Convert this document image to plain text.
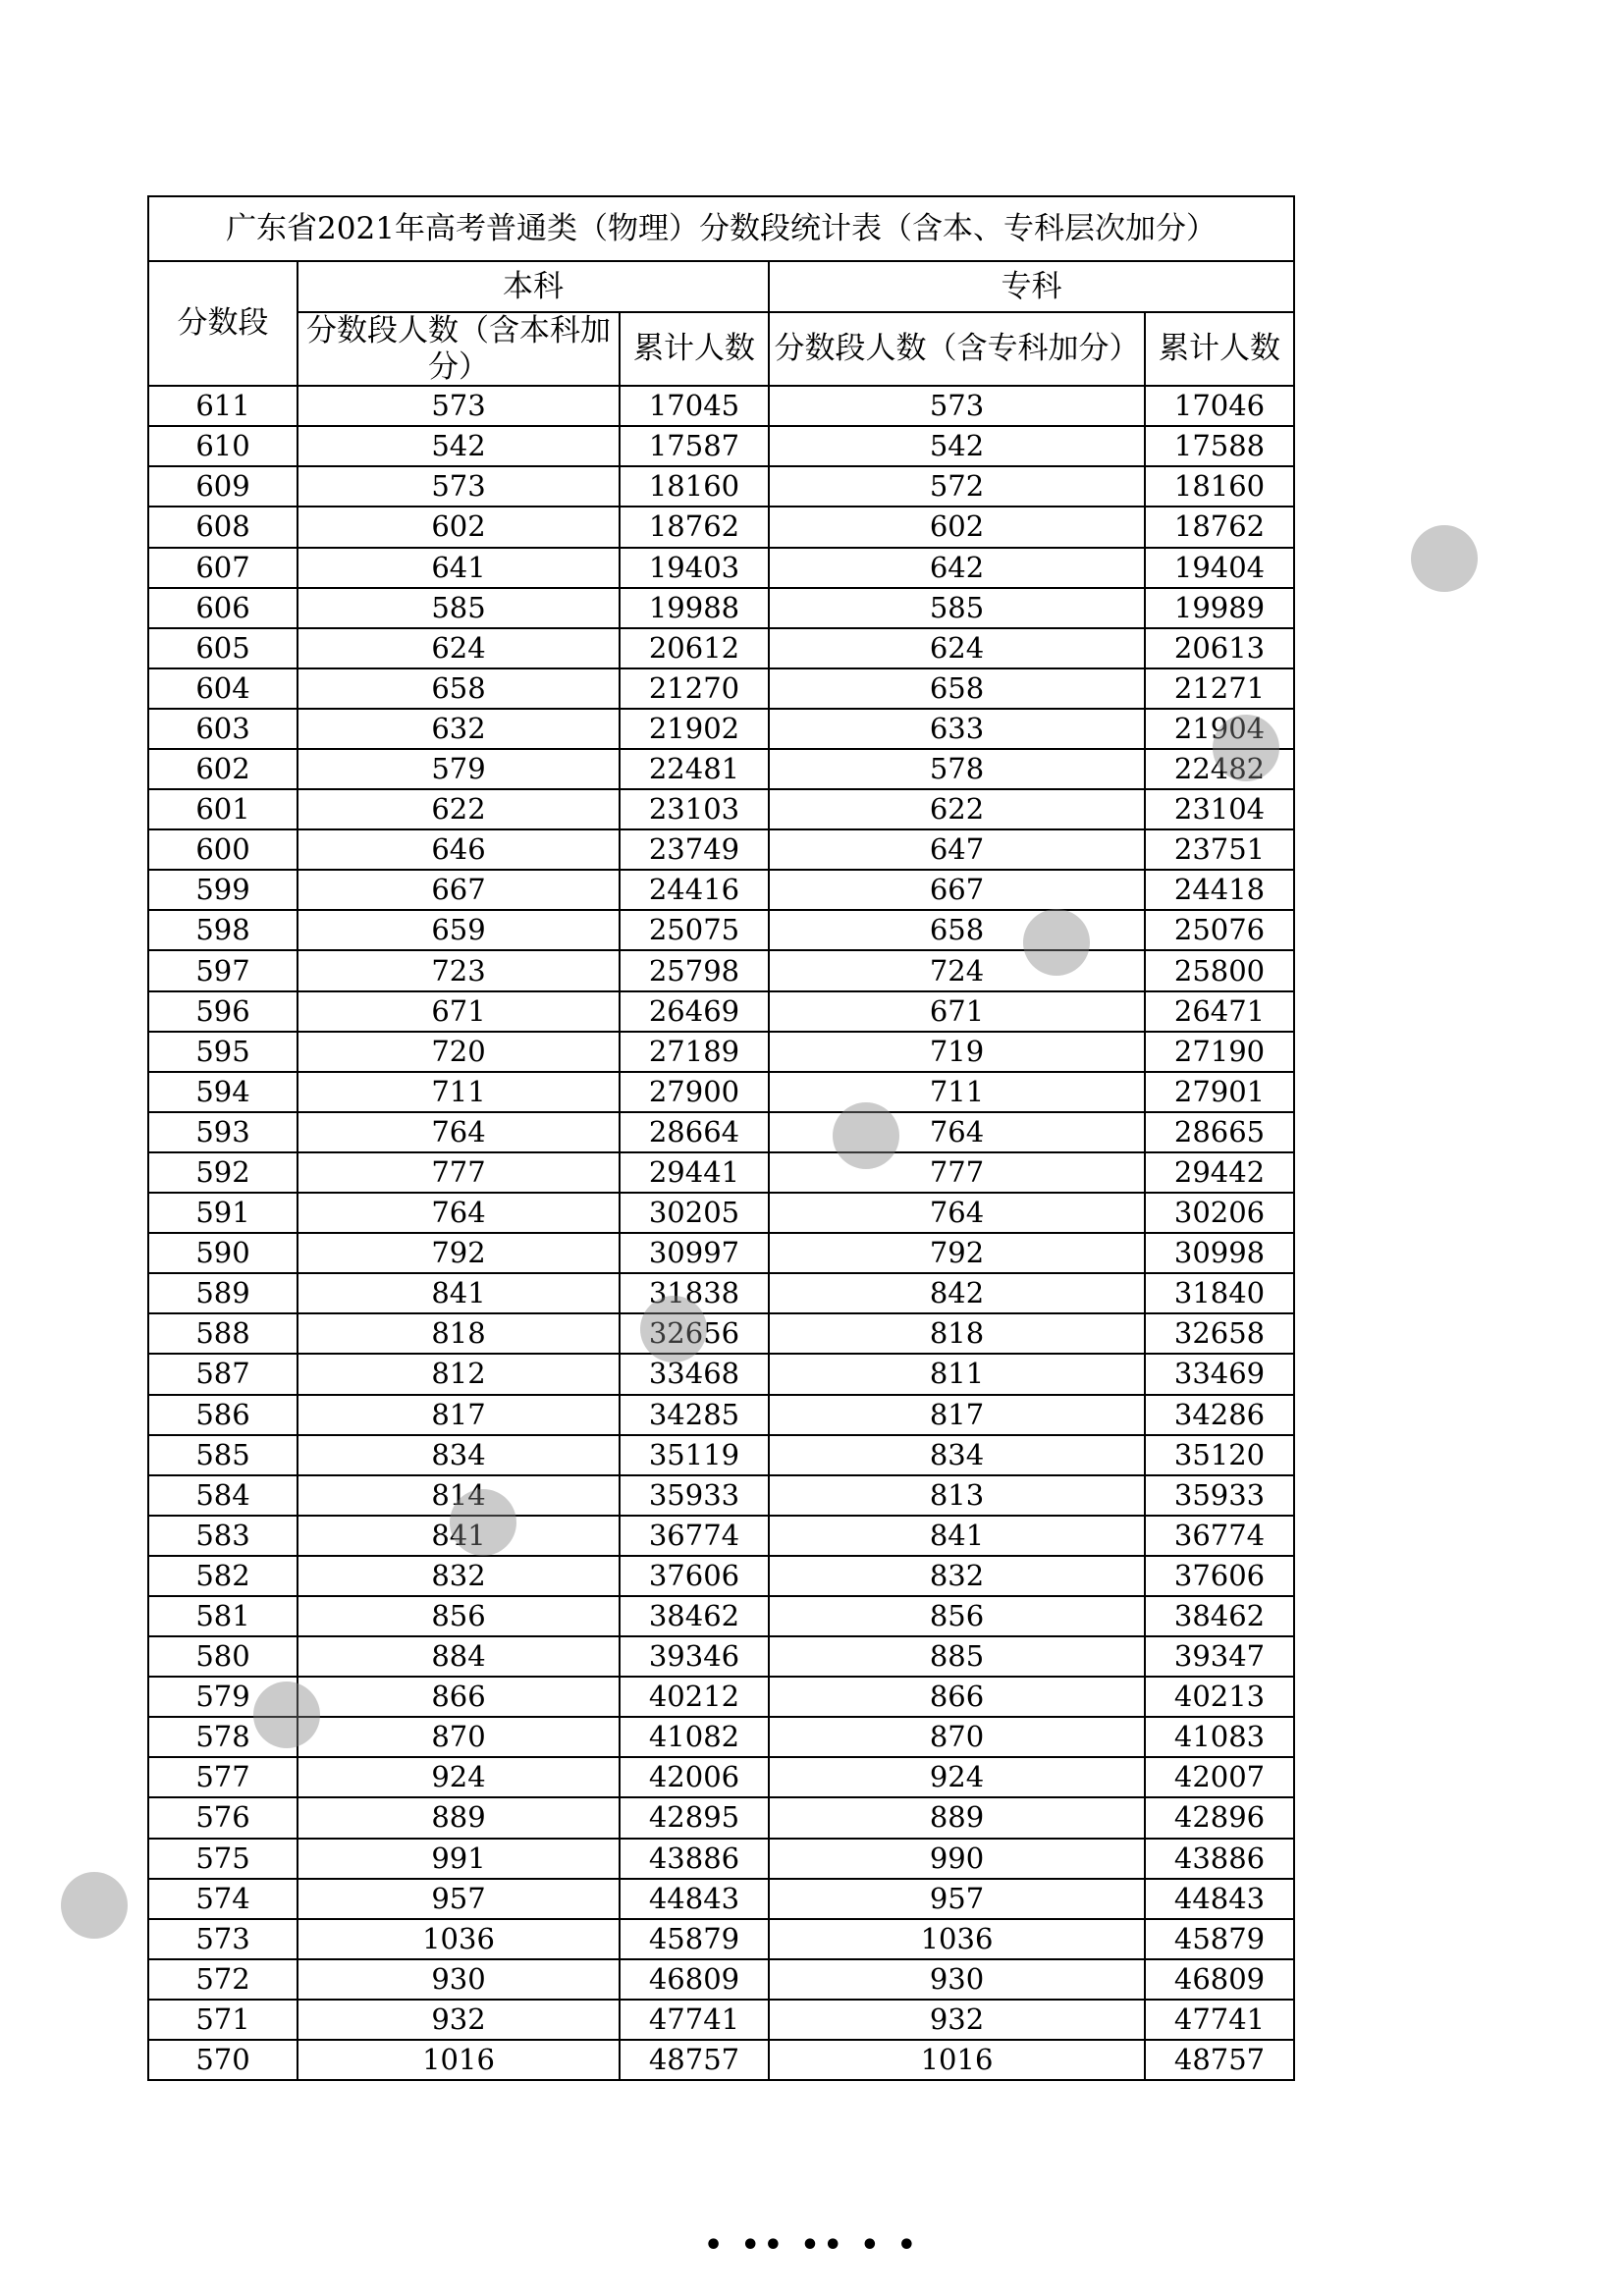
广东省2021年高考普通类（物理）分数段统计表（含本、专科层次加分）				
分数段	本科		专科	
	分数段人数（含本科加分）	累计人数	分数段人数（含专科加分）	累计人数
611	573	17045	573	17046
610	542	17587	542	17588
609	573	18160	572	18160
608	602	18762	602	18762
607	641	19403	642	19404
606	585	19988	585	19989
605	624	20612	624	20613
604	658	21270	658	21271
603	632	21902	633	21904
602	579	22481	578	22482
601	622	23103	622	23104
600	646	23749	647	23751
599	667	24416	667	24418
598	659	25075	658	25076
597	723	25798	724	25800
596	671	26469	671	26471
595	720	27189	719	27190
594	711	27900	711	27901
593	764	28664	764	28665
592	777	29441	777	29442
591	764	30205	764	30206
590	792	30997	792	30998
589	841	31838	842	31840
588	818	32656	818	32658
587	812	33468	811	33469
586	817	34285	817	34286
585	834	35119	834	35120
584	814	35933	813	35933
583	841	36774	841	36774
582	832	37606	832	37606
581	856	38462	856	38462
580	884	39346	885	39347
579	866	40212	866	40213
578	870	41082	870	41083
577	924	42006	924	42007
576	889	42895	889	42896
575	991	43886	990	43886
574	957	44843	957	44843
573	1036	45879	1036	45879
572	930	46809	930	46809
571	932	47741	932	47741
570	1016	48757	1016	48757
• •• •• • •
